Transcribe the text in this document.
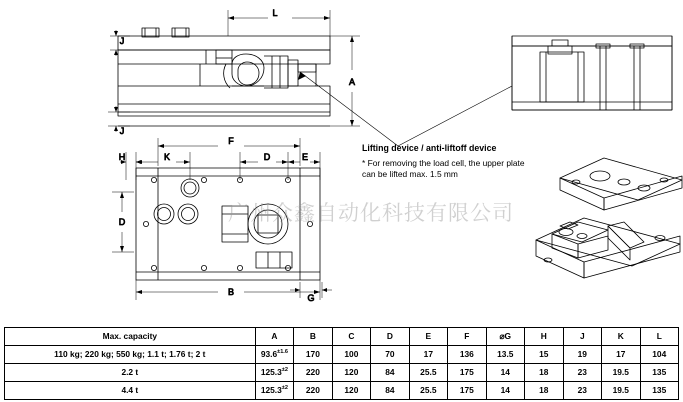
L
J
J
A
F
H	K	D	E
D
B
G
Lifting device / anti-liftoff device
* For removing the load cell, the upper plate can be lifted max. 1.5 mm
广州众鑫自动化科技有限公司
Max. capacity	A	B	C	D	E	F	⌀G	H	J	K	L
110 kg; 220 kg; 550 kg; 1.1 t; 1.76 t; 2 t	$93.6^{\pm 1.6}$	170	100	70	17	136	13.5	15	19	17	104
2.2 t	$125.3^{\pm 2}$	220	120	84	25.5	175	14	18	23	19.5	135
4.4 t	$125.3^{\pm 2}$	220	120	84	25.5	175	14	18	23	19.5	135
